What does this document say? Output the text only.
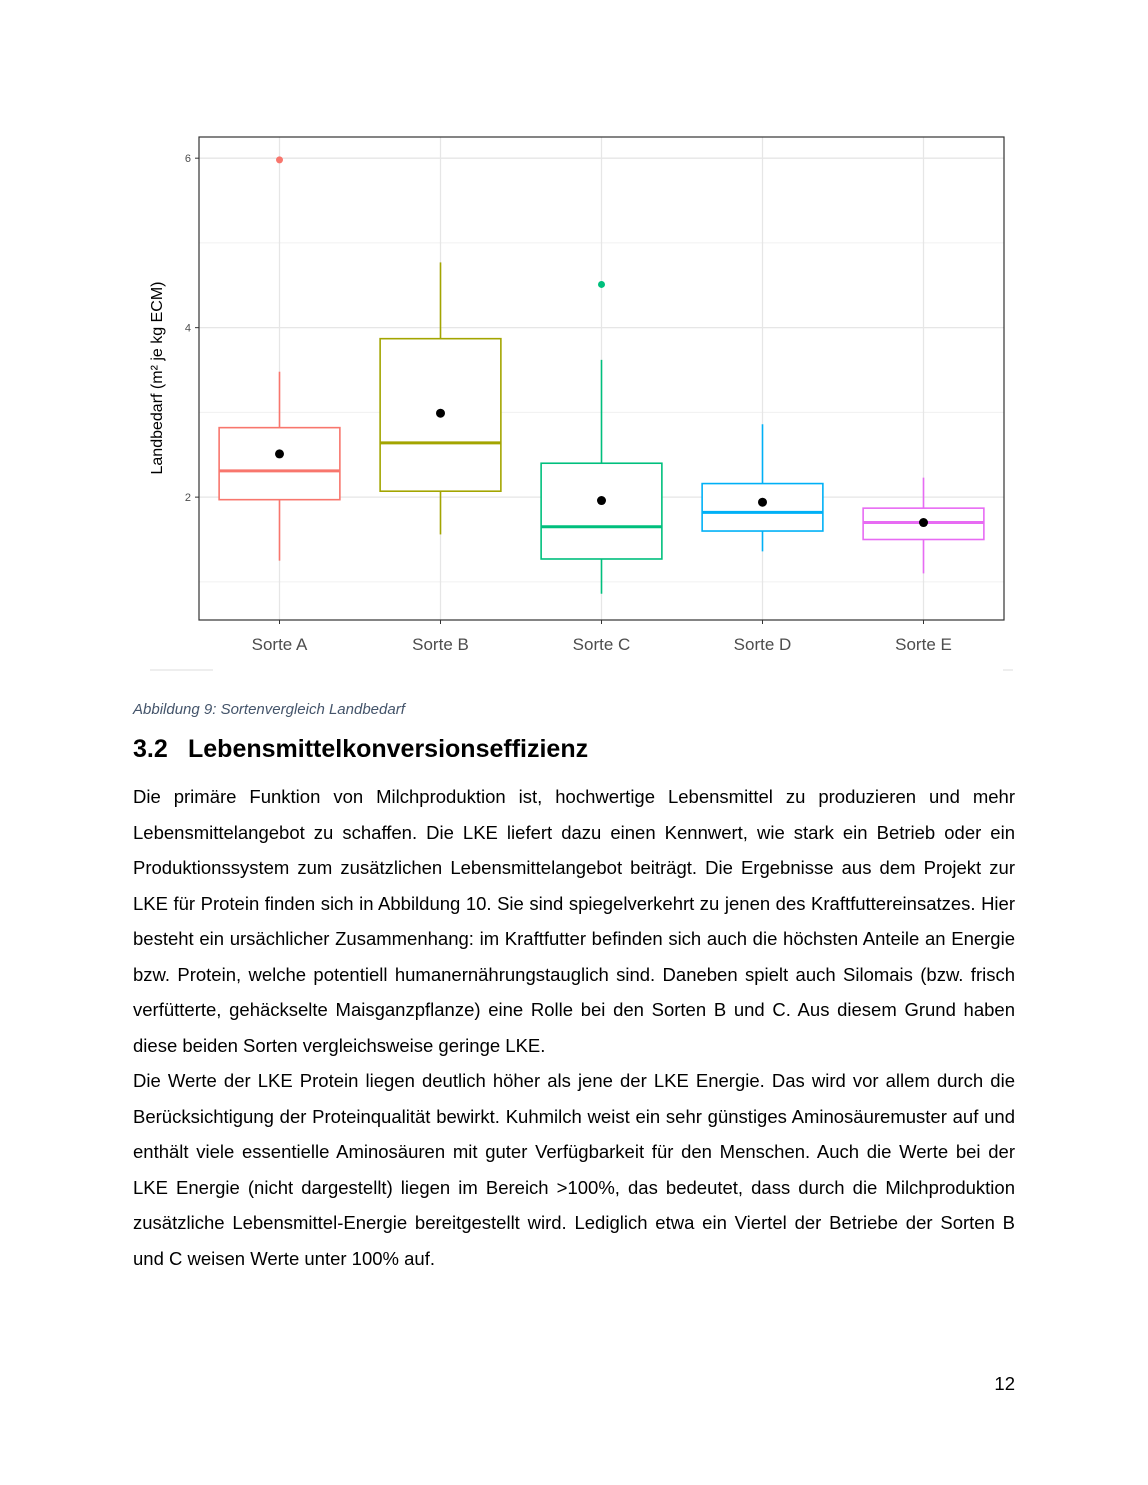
2
4
6
Sorte A	Sorte B	Sorte C	Sorte D	Sorte E
Landbedarf (m² je kg ECM)
Abbildung 9: Sortenvergleich Landbedarf
3.2 Lebensmittelkonversionseffizienz

Die primäre Funktion von Milchproduktion ist, hochwertige Lebensmittel zu produzieren und mehr Lebensmittelangebot zu schaffen. Die LKE liefert dazu einen Kennwert, wie stark ein Betrieb oder ein Produktionssystem zum zusätzlichen Lebensmittelangebot beiträgt. Die Ergebnisse aus dem Projekt zur LKE für Protein finden sich in Abbildung 10. Sie sind spiegelverkehrt zu jenen des Kraftfuttereinsatzes. Hier besteht ein ursächlicher Zusammenhang: im Kraftfutter befinden sich auch die höchsten Anteile an Energie bzw. Protein, welche potentiell humanernährungstauglich sind. Daneben spielt auch Silomais (bzw. frisch verfütterte, gehäckselte Maisganzpflanze) eine Rolle bei den Sorten B und C. Aus diesem Grund haben diese beiden Sorten vergleichsweise geringe LKE.

Die Werte der LKE Protein liegen deutlich höher als jene der LKE Energie. Das wird vor allem durch die Berücksichtigung der Proteinqualität bewirkt. Kuhmilch weist ein sehr günstiges Aminosäuremuster auf und enthält viele essentielle Aminosäuren mit guter Verfügbarkeit für den Menschen. Auch die Werte bei der LKE Energie (nicht dargestellt) liegen im Bereich >100%, das bedeutet, dass durch die Milchproduktion zusätzliche Lebensmittel-Energie bereitgestellt wird. Lediglich etwa ein Viertel der Betriebe der Sorten B und C weisen Werte unter 100% auf.

12
